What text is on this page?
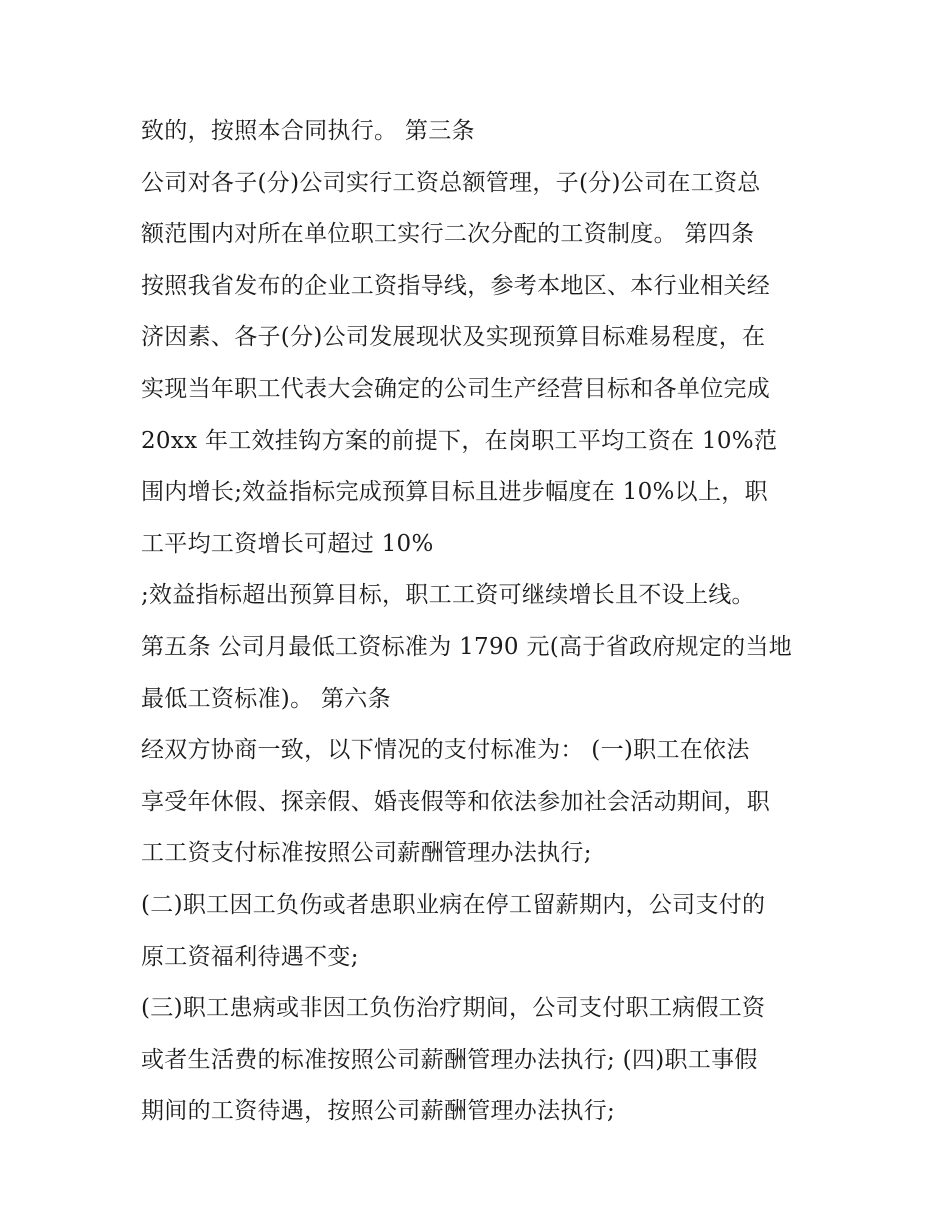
致的，按照本合同执行。 第三条
公司对各子(分)公司实行工资总额管理，子(分)公司在工资总
额范围内对所在单位职工实行二次分配的工资制度。 第四条
按照我省发布的企业工资指导线，参考本地区、本行业相关经
济因素、各子(分)公司发展现状及实现预算目标难易程度，在
实现当年职工代表大会确定的公司生产经营目标和各单位完成
20xx 年工效挂钩方案的前提下，在岗职工平均工资在 10%范
围内增长;效益指标完成预算目标且进步幅度在 10%以上，职
工平均工资增长可超过 10%
;效益指标超出预算目标，职工工资可继续增长且不设上线。
第五条 公司月最低工资标准为 1790 元(高于省政府规定的当地
最低工资标准)。 第六条
经双方协商一致，以下情况的支付标准为： (一)职工在依法
享受年休假、探亲假、婚丧假等和依法参加社会活动期间，职
工工资支付标准按照公司薪酬管理办法执行;
(二)职工因工负伤或者患职业病在停工留薪期内，公司支付的
原工资福利待遇不变;
(三)职工患病或非因工负伤治疗期间，公司支付职工病假工资
或者生活费的标准按照公司薪酬管理办法执行; (四)职工事假
期间的工资待遇，按照公司薪酬管理办法执行;
